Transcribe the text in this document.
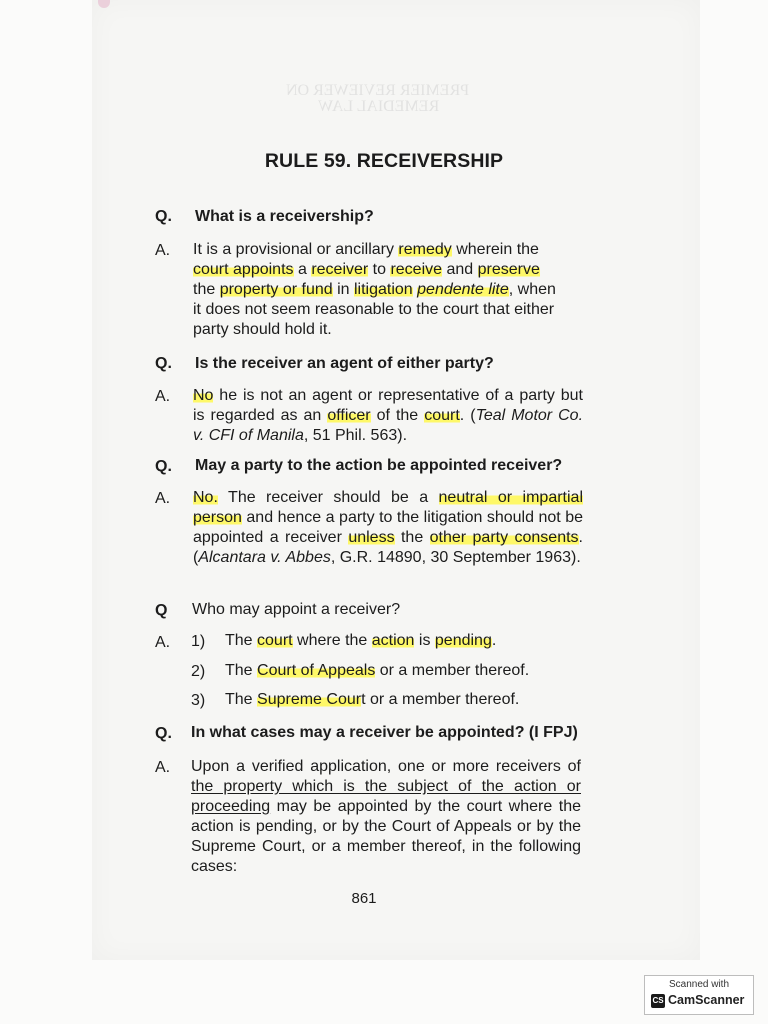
PREMIER REVIEWER ON
REMEDIAL LAW
RULE 59. RECEIVERSHIP
Q. What is a receivership?
A. It is a provisional or ancillary remedy wherein the
court appoints a receiver to receive and preserve
the property or fund in litigation pendente lite, when
it does not seem reasonable to the court that either
party should hold it.
Q. Is the receiver an agent of either party?
A. No he is not an agent or representative of a party but is regarded as an officer of the court. (Teal Motor Co. v. CFI of Manila, 51 Phil. 563).
Q. May a party to the action be appointed receiver?
A. No. The receiver should be a neutral or impartial person and hence a party to the litigation should not be appointed a receiver unless the other party consents. (Alcantara v. Abbes, G.R. 14890, 30 September 1963).
Q Who may appoint a receiver?
A. 1) The court where the action is pending.
2) The Court of Appeals or a member thereof.
3) The Supreme Court or a member thereof.
Q. In what cases may a receiver be appointed? (I FPJ)
A. Upon a verified application, one or more receivers of the property which is the subject of the action or proceeding may be appointed by the court where the action is pending, or by the Court of Appeals or by the Supreme Court, or a member thereof, in the following cases:
861
Scanned with
CS CamScanner
